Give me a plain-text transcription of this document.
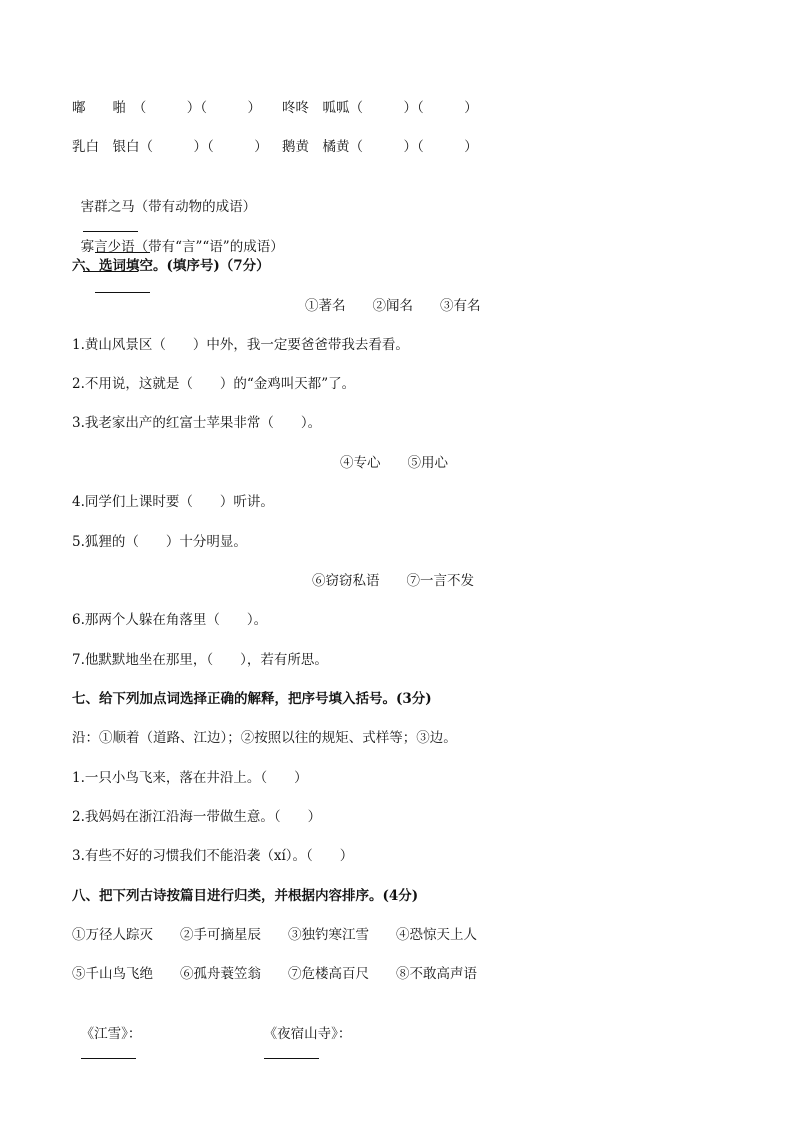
嘟　　啪　（　　　）（　　　） 咚咚　呱呱（　　　）（　　　）
乳白　银白（　　　）（　　　） 鹅黄　橘黄（　　　）（　　　）

害群之马（带有动物的成语）

寡言少语（带有“言”“语”的成语）

六、选词填空。(填序号)（7分）
①著名　　②闻名　　③有名
1.黄山风景区（　　）中外，我一定要爸爸带我去看看。
2.不用说，这就是（　　）的“金鸡叫天都”了。
3.我老家出产的红富士苹果非常（　　）。
④专心　　⑤用心
4.同学们上课时要（　　）听讲。
5.狐狸的（　　）十分明显。
⑥窃窃私语　　⑦一言不发
6.那两个人躲在角落里（　　）。
7.他默默地坐在那里，（　　），若有所思。
七、给下列加点词选择正确的解释，把序号填入括号。(3分)
沿：①顺着（道路、江边）；②按照以往的规矩、式样等；③边。
1.一只小鸟飞来，落在井沿上。（　　）
2.我妈妈在浙江沿海一带做生意。（　　）
3.有些不好的习惯我们不能沿袭（xí）。（　　）
八、把下列古诗按篇目进行归类，并根据内容排序。(4分)
①万径人踪灭　　②手可摘星辰　　③独钓寒江雪　　④恐惊天上人
⑤千山鸟飞绝　　⑥孤舟蓑笠翁　　⑦危楼高百尺　　⑧不敢高声语

《江雪》：
	《夜宿山寺》：
